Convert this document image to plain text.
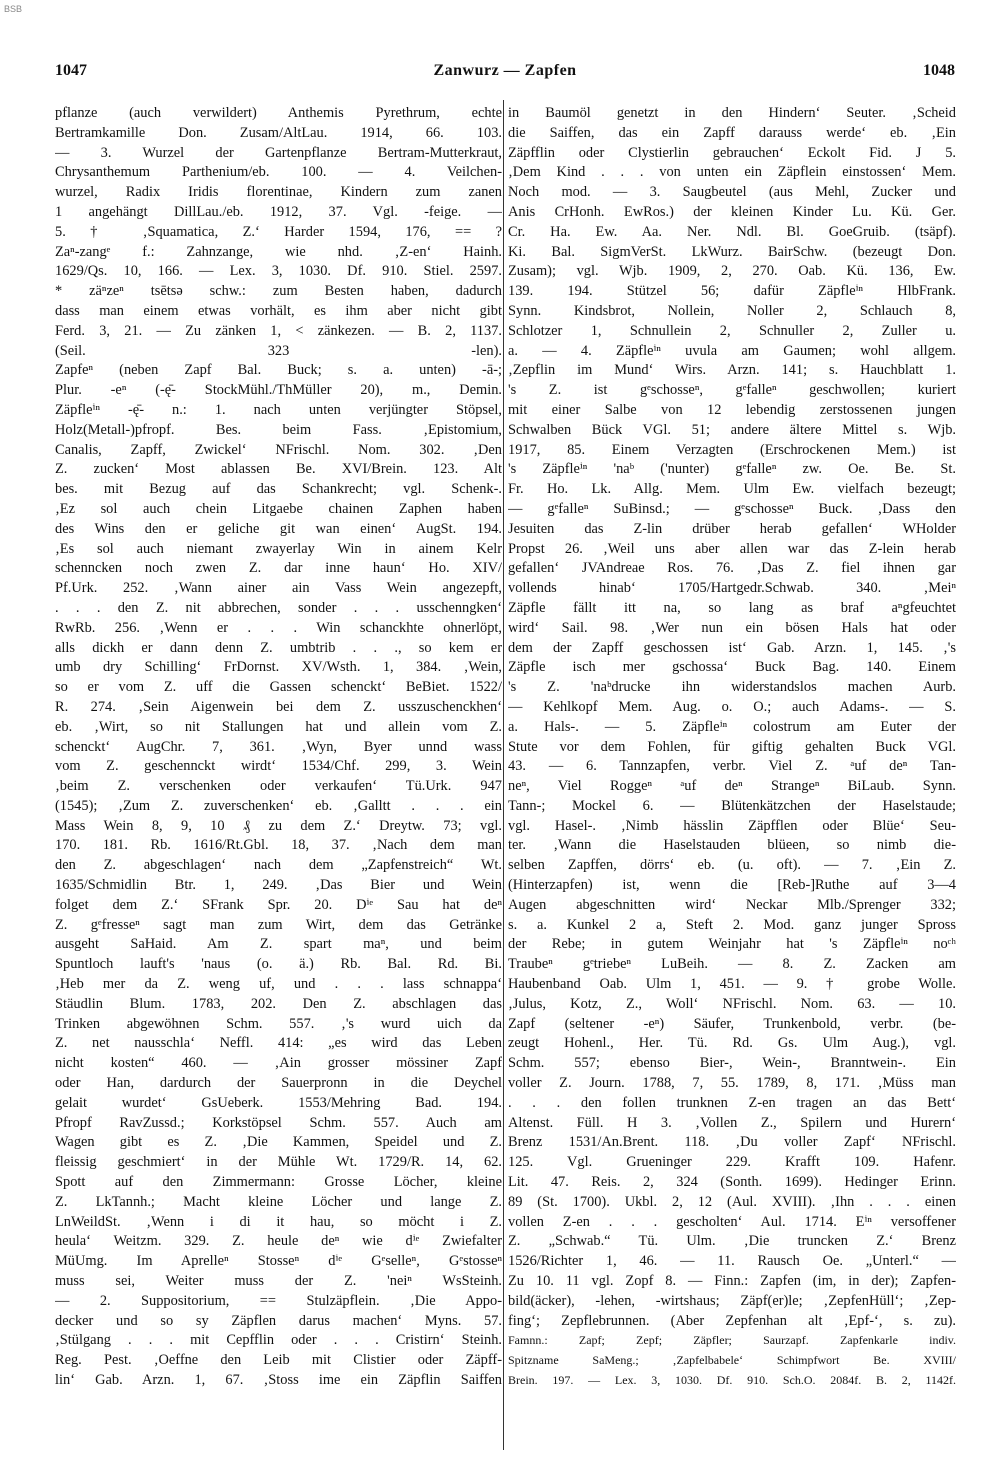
BSB
1047	Zanwurz — Zapfen	1048
pflanze (auch verwildert) Anthemis Pyrethrum, echte
Bertramkamille Don. Zusam/AltLau. 1914, 66. 103.
— 3. Wurzel der Gartenpflanze Bertram-Mutterkraut,
Chrysanthemum Parthenium/eb. 100. — 4. Veilchen-
wurzel, Radix Iridis florentinae, Kindern zum zanen
1 angehängt DillLau./eb. 1912, 37. Vgl. -feige. —
5. † ‚Squamatica, Z.‘ Harder 1594, 176, == ?
Zaⁿ-zangᵉ f.: Zahnzange, wie nhd. ‚Z-en‘ Hainh.
1629/Qs. 10, 166. — Lex. 3, 1030. Df. 910. Stiel. 2597.
* zäⁿzeⁿ tsētsə schw.: zum Besten haben, dadurch
dass man einem etwas vorhält, es ihm aber nicht gibt
Ferd. 3, 21. — Zu zänken 1, < zänkezen. — B. 2, 1137.
(Seil. 323 -len).
Zapfeⁿ (neben Zapf Bal. Buck; s. a. unten) -ā-;
Plur. -eⁿ (-ę̄- StockMühl./ThMüller 20), m., Demin.
Zäpfleⁱⁿ -ę̄- n.: 1. nach unten verjüngter Stöpsel,
Holz(Metall-)pfropf. Bes. beim Fass. ‚Epistomium,
Canalis, Zapff, Zwickel‘ NFrischl. Nom. 302. ‚Den
Z. zucken‘ Most ablassen Be. XVI/Brein. 123. Alt
bes. mit Bezug auf das Schankrecht; vgl. Schenk-.
‚Ez sol auch chein Litgaebe chainen Zaphen haben
des Wins den er geliche git wan einen‘ AugSt. 194.
‚Es sol auch niemant zwayerlay Win in ainem Kelr
schenncken noch zwen Z. dar inne haun‘ Ho. XIV/
Pf.Urk. 252. ‚Wann ainer ain Vass Wein angezepft,
. . . den Z. nit abbrechen, sonder . . . usschenngken‘
RwRb. 256. ‚Wenn er . . . Win schanckhte ohnerlöpt,
alls dickh er dann denn Z. umbtrib . . ., so kem er
umb dry Schilling‘ FrDornst. XV/Wsth. 1, 384. ‚Wein,
so er vom Z. uff die Gassen schenckt‘ BeBiet. 1522/
R. 274. ‚Sein Aigenwein bei dem Z. usszuschenckhen‘
eb. ‚Wirt, so nit Stallungen hat und allein vom Z.
schenckt‘ AugChr. 7, 361. ‚Wyn, Byer unnd wass
vom Z. geschennckt wirdt‘ 1534/Chf. 299, 3. Wein
‚beim Z. verschenken oder verkaufen‘ Tü.Urk. 947
(1545); ‚Zum Z. zuverschenken‘ eb. ‚Galltt . . . ein
Mass Wein 8, 9, 10 ₰ zu dem Z.‘ Dreytw. 73; vgl.
170. 181. Rb. 1616/Rt.Gbl. 18, 37. ‚Nach dem man
den Z. abgeschlagen‘ nach dem „Zapfenstreich“ Wt.
1635/Schmidlin Btr. 1, 249. ‚Das Bier und Wein
folget dem Z.‘ SFrank Spr. 20. Dⁱᵉ Sau hat deⁿ
Z. gᵉfresseⁿ sagt man zum Wirt, dem das Getränke
ausgeht SaHaid. Am Z. spart maⁿ, und beim
Spuntloch lauft's 'naus (o. ä.) Rb. Bal. Rd. Bi.
‚Heb mer da Z. weng uf, und . . . lass schnappa‘
Stäudlin Blum. 1783, 202. Den Z. abschlagen das
Trinken abgewöhnen Schm. 557. ‚'s wurd uich da
Z. net nausschla‘ Neffl. 414: „es wird das Leben
nicht kosten“ 460. — ‚Ain grosser mössiner Zapf
oder Han, dardurch der Sauerpronn in die Deychel
gelait wurdet‘ GsUeberk. 1553/Mehring Bad. 194.
Pfropf RavZussd.; Korkstöpsel Schm. 557. Auch am
Wagen gibt es Z. ‚Die Kammen, Speidel und Z.
fleissig geschmiert‘ in der Mühle Wt. 1729/R. 14, 62.
Spott auf den Zimmermann: Grosse Löcher, kleine
Z. LkTannh.; Macht kleine Löcher und lange Z.
LnWeildSt. ‚Wenn i di it hau, so möcht i Z.
heula‘ Weitzm. 329. Z. heule deⁿ wie dⁱᵉ Zwiefalter
MüUmg. Im Aprelleⁿ Stosseⁿ dⁱᵉ Gᵉselleⁿ, Gᵉstosseⁿ
muss sei, Weiter muss der Z. 'neiⁿ WsSteinh.
— 2. Suppositorium, == Stulzäpflein. ‚Die Appo-
decker und so sy Zäpflen darus machen‘ Myns. 57.
‚Stülgang . . . mit Cepfflin oder . . . Cristirn‘ Steinh.
Reg. Pest. ‚Oeffne den Leib mit Clistier oder Zäpff-
lin‘ Gab. Arzn. 1, 67. ‚Stoss ime ein Zäpflin Saiffen
in Baumöl genetzt in den Hindern‘ Seuter. ‚Scheid
die Saiffen, das ein Zapff darauss werde‘ eb. ‚Ein
Zäpfflin oder Clystierlin gebrauchen‘ Eckolt Fid. J 5.
‚Dem Kind . . . von unten ein Zäpflein einstossen‘ Mem.
Noch mod. — 3. Saugbeutel (aus Mehl, Zucker und
Anis CrHonh. EwRos.) der kleinen Kinder Lu. Kü. Ger.
Cr. Ha. Ew. Aa. Ner. Ndl. Bl. GoeGruib. (tsäpf).
Ki. Bal. SigmVerSt. LkWurz. BairSchw. (bezeugt Don.
Zusam); vgl. Wjb. 1909, 2, 270. Oab. Kü. 136, Ew.
139. 194. Stützel 56; dafür Zäpfleⁱⁿ HlbFrank.
Synn. Kindsbrot, Nollein, Noller 2, Schlauch 8,
Schlotzer 1, Schnullein 2, Schnuller 2, Zuller u.
a. — 4. Zäpfleⁱⁿ uvula am Gaumen; wohl allgem.
‚Zepflin im Mund‘ Wirs. Arzn. 141; s. Hauchblatt 1.
's Z. ist gᵉschosseⁿ, gᵉfalleⁿ geschwollen; kuriert
mit einer Salbe von 12 lebendig zerstossenen jungen
Schwalben Bück VGl. 51; andere ältere Mittel s. Wjb.
1917, 85. Einem Verzagten (Erschrockenen Mem.) ist
's Zäpfleⁱⁿ 'naᵇ ('nunter) gᵉfalleⁿ zw. Oe. Be. St.
Fr. Ho. Lk. Allg. Mem. Ulm Ew. vielfach bezeugt;
— gᵉfalleⁿ SuBinsd.; — gᵉschosseⁿ Buck. ‚Dass den
Jesuiten das Z-lin drüber herab gefallen‘ WHolder
Propst 26. ‚Weil uns aber allen war das Z-lein herab
gefallen‘ JVAndreae Ros. 76. ‚Das Z. fiel ihnen gar
vollends hinab‘ 1705/Hartgedr.Schwab. 340. ‚Meiⁿ
Zäpfle fällt itt na, so lang as braf aⁿgfeuchtet
wird‘ Sail. 98. ‚Wer nun ein bösen Hals hat oder
dem der Zapff geschossen ist‘ Gab. Arzn. 1, 145. ‚'s
Zäpfle isch mer gschossa‘ Buck Bag. 140. Einem
's Z. 'naᵇdrucke ihn widerstandslos machen Aurb.
— Kehlkopf Mem. Aug. o. O.; auch Adams-. — S.
a. Hals-. — 5. Zäpfleⁱⁿ colostrum am Euter der
Stute vor dem Fohlen, für giftig gehalten Buck VGl.
43. — 6. Tannzapfen, verbr. Viel Z. ᵃuf deⁿ Tan-
neⁿ, Viel Roggeⁿ ᵃuf deⁿ Strangeⁿ BiLaub. Synn.
Tann-; Mockel 6. — Blütenkätzchen der Haselstaude;
vgl. Hasel-. ‚Nimb hässlin Zäpfflen oder Blüe‘ Seu-
ter. ‚Wann die Haselstauden blüeen, so nimb die-
selben Zapffen, dörrs‘ eb. (u. oft). — 7. ‚Ein Z.
(Hinterzapfen) ist, wenn die [Reb-]Ruthe auf 3—4
Augen abgeschnitten wird‘ Neckar Mlb./Sprenger 332;
s. a. Kunkel 2 a, Steft 2. Mod. ganz junger Spross
der Rebe; in gutem Weinjahr hat 's Zäpfleⁱⁿ noᶜʰ
Traubeⁿ gᵉtriebeⁿ LuBeih. — 8. Z. Zacken am
Haubenband Oab. Ulm 1, 451. — 9. † grobe Wolle.
‚Julus, Kotz, Z., Woll‘ NFrischl. Nom. 63. — 10.
Zapf (seltener -eⁿ) Säufer, Trunkenbold, verbr. (be-
zeugt Hohenl., Her. Tü. Rd. Gs. Ulm Aug.), vgl.
Schm. 557; ebenso Bier-, Wein-, Branntwein-. Ein
voller Z. Journ. 1788, 7, 55. 1789, 8, 171. ‚Müss man
. . . den follen trunknen Z-en tragen an das Bett‘
Altenst. Füll. H 3. ‚Vollen Z., Spilern und Hurern‘
Brenz 1531/An.Brent. 118. ‚Du voller Zapf‘ NFrischl.
125. Vgl. Grueninger 229. Krafft 109. Hafenr.
Lit. 47. Reis. 2, 324 (Sonth. 1699). Hedinger Erinn.
89 (St. 1700). Ukbl. 2, 12 (Aul. XVIII). ‚Ihn . . . einen
vollen Z-en . . . gescholten‘ Aul. 1714. Eⁱⁿ versoffener
Z. „Schwab.“ Tü. Ulm. ‚Die truncken Z.‘ Brenz
1526/Richter 1, 46. — 11. Rausch Oe. „Unterl.“ —
Zu 10. 11 vgl. Zopf 8. — Finn.: Zapfen (im, in der); Zapfen-
bild(äcker), -lehen, -wirtshaus; Zäpf(er)le; ‚ZepfenHüll‘; ‚Zep-
fing‘; Zepflebrunnen. (Aber Zepfenhan alt ‚Epf-‘, s. zu).
Famnn.: Zapf; Zepf; Zäpfler; Saurzapf. Zapfenkarle indiv.
Spitzname SaMeng.; ‚Zapfelbabele‘ Schimpfwort Be. XVIII/
Brein. 197. — Lex. 3, 1030. Df. 910. Sch.O. 2084f. B. 2, 1142f.
